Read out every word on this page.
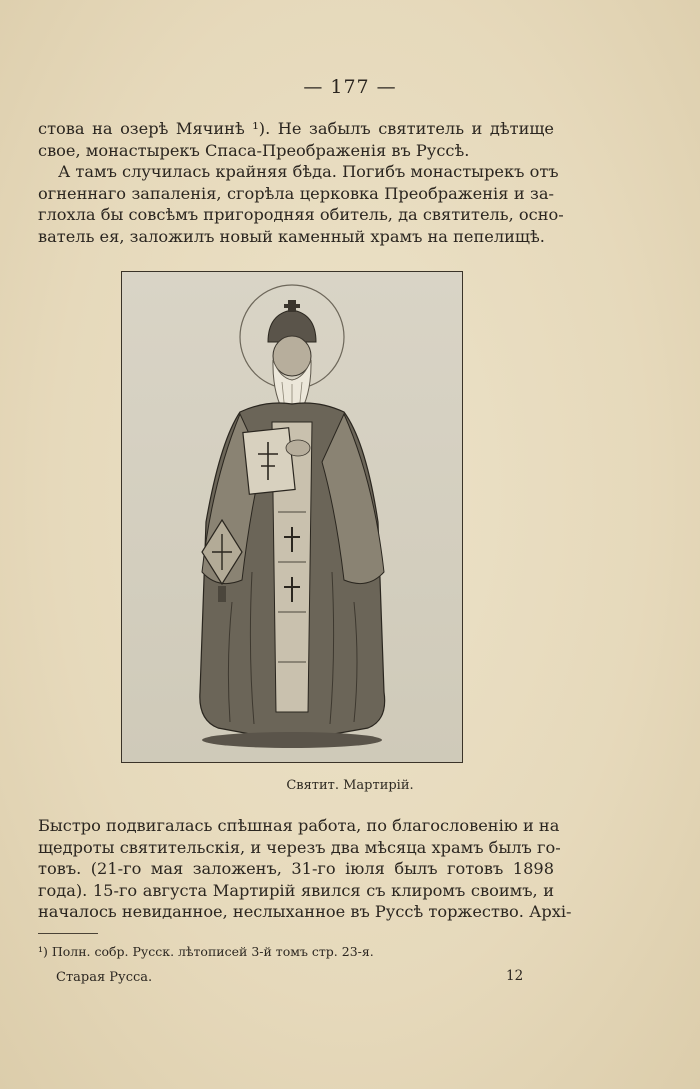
— 177 —
стова на озерѣ Мячинѣ ¹). Не забылъ святитель и дѣтище
свое, монастырекъ Спаса-Преображенія въ Руссѣ.
А тамъ случилась крайняя бѣда. Погибъ монастырекъ отъ
огненнаго запаленія, сгорѣла церковка Преображенія и за-
глохла бы совсѣмъ пригородняя обитель, да святитель, осно-
ватель ея, заложилъ новый каменный храмъ на пепелищѣ.
Святит. Мартирій.
Быстро подвигалась спѣшная работа, по благословенію и на
щедроты святительскія, и черезъ два мѣсяца храмъ былъ го-
товъ. (21-го мая заложенъ, 31-го іюля былъ готовъ 1898
года). 15-го августа Мартирій явился съ клиромъ своимъ, и
началось невиданное, неслыханное въ Руссѣ торжество. Архі-
¹) Полн. собр. Русск. лѣтописей 3-й томъ стр. 23-я.
Старая Русса.	12
